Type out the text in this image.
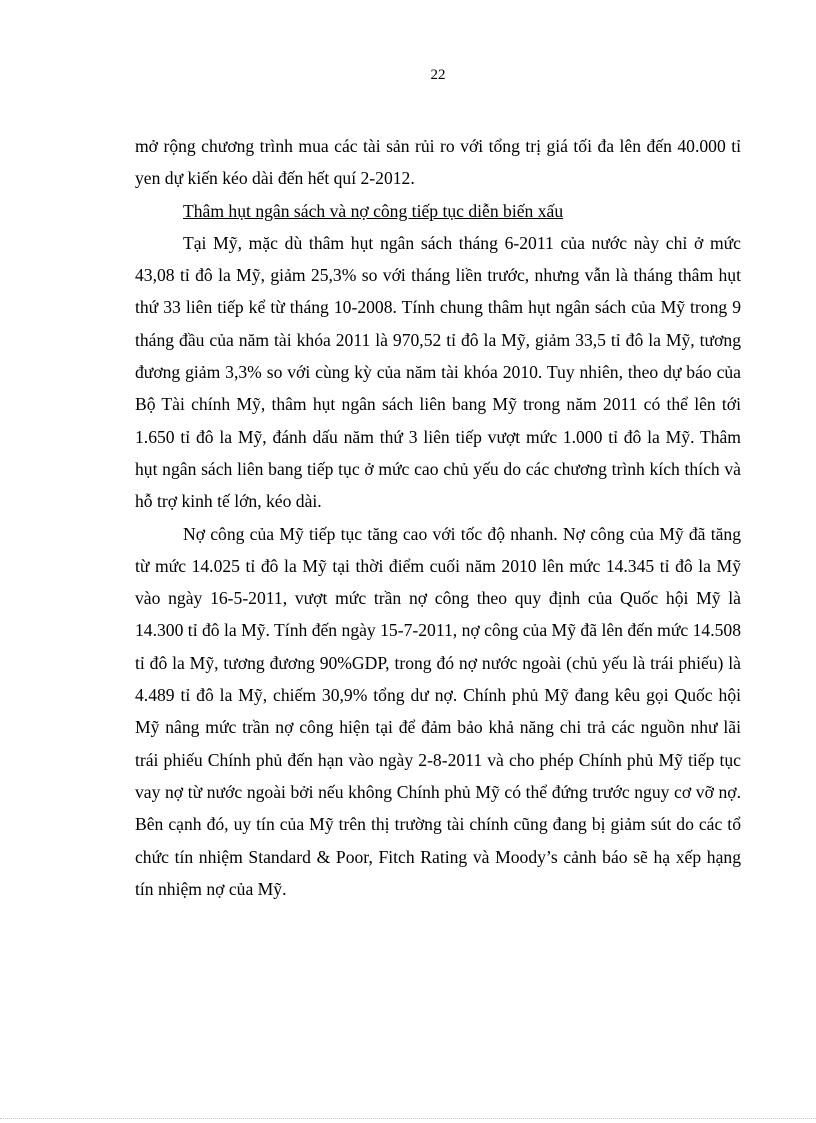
22

mở rộng chương trình mua các tài sản rủi ro với tổng trị giá tối đa lên đến 40.000 tỉ yen dự kiến kéo dài đến hết quí 2-2012.

Thâm hụt ngân sách và nợ công tiếp tục diễn biến xấu

Tại Mỹ, mặc dù thâm hụt ngân sách tháng 6-2011 của nước này chỉ ở mức 43,08 tỉ đô la Mỹ, giảm 25,3% so với tháng liền trước, nhưng vẫn là tháng thâm hụt thứ 33 liên tiếp kể từ tháng 10-2008. Tính chung thâm hụt ngân sách của Mỹ trong 9 tháng đầu của năm tài khóa 2011 là 970,52 tỉ đô la Mỹ, giảm 33,5 tỉ đô la Mỹ, tương đương giảm 3,3% so với cùng kỳ của năm tài khóa 2010. Tuy nhiên, theo dự báo của Bộ Tài chính Mỹ, thâm hụt ngân sách liên bang Mỹ trong năm 2011 có thể lên tới 1.650 tỉ đô la Mỹ, đánh dấu năm thứ 3 liên tiếp vượt mức 1.000 tỉ đô la Mỹ. Thâm hụt ngân sách liên bang tiếp tục ở mức cao chủ yếu do các chương trình kích thích và hỗ trợ kinh tế lớn, kéo dài.

Nợ công của Mỹ tiếp tục tăng cao với tốc độ nhanh. Nợ công của Mỹ đã tăng từ mức 14.025 tỉ đô la Mỹ tại thời điểm cuối năm 2010 lên mức 14.345 tỉ đô la Mỹ vào ngày 16-5-2011, vượt mức trần nợ công theo quy định của Quốc hội Mỹ là 14.300 tỉ đô la Mỹ. Tính đến ngày 15-7-2011, nợ công của Mỹ đã lên đến mức 14.508 tỉ đô la Mỹ, tương đương 90%GDP, trong đó nợ nước ngoài (chủ yếu là trái phiếu) là 4.489 tỉ đô la Mỹ, chiếm 30,9% tổng dư nợ. Chính phủ Mỹ đang kêu gọi Quốc hội Mỹ nâng mức trần nợ công hiện tại để đảm bảo khả năng chi trả các nguồn như lãi trái phiếu Chính phủ đến hạn vào ngày 2-8-2011 và cho phép Chính phủ Mỹ tiếp tục vay nợ từ nước ngoài bởi nếu không Chính phủ Mỹ có thể đứng trước nguy cơ vỡ nợ. Bên cạnh đó, uy tín của Mỹ trên thị trường tài chính cũng đang bị giảm sút do các tổ chức tín nhiệm Standard & Poor, Fitch Rating và Moody’s cảnh báo sẽ hạ xếp hạng tín nhiệm nợ của Mỹ.
